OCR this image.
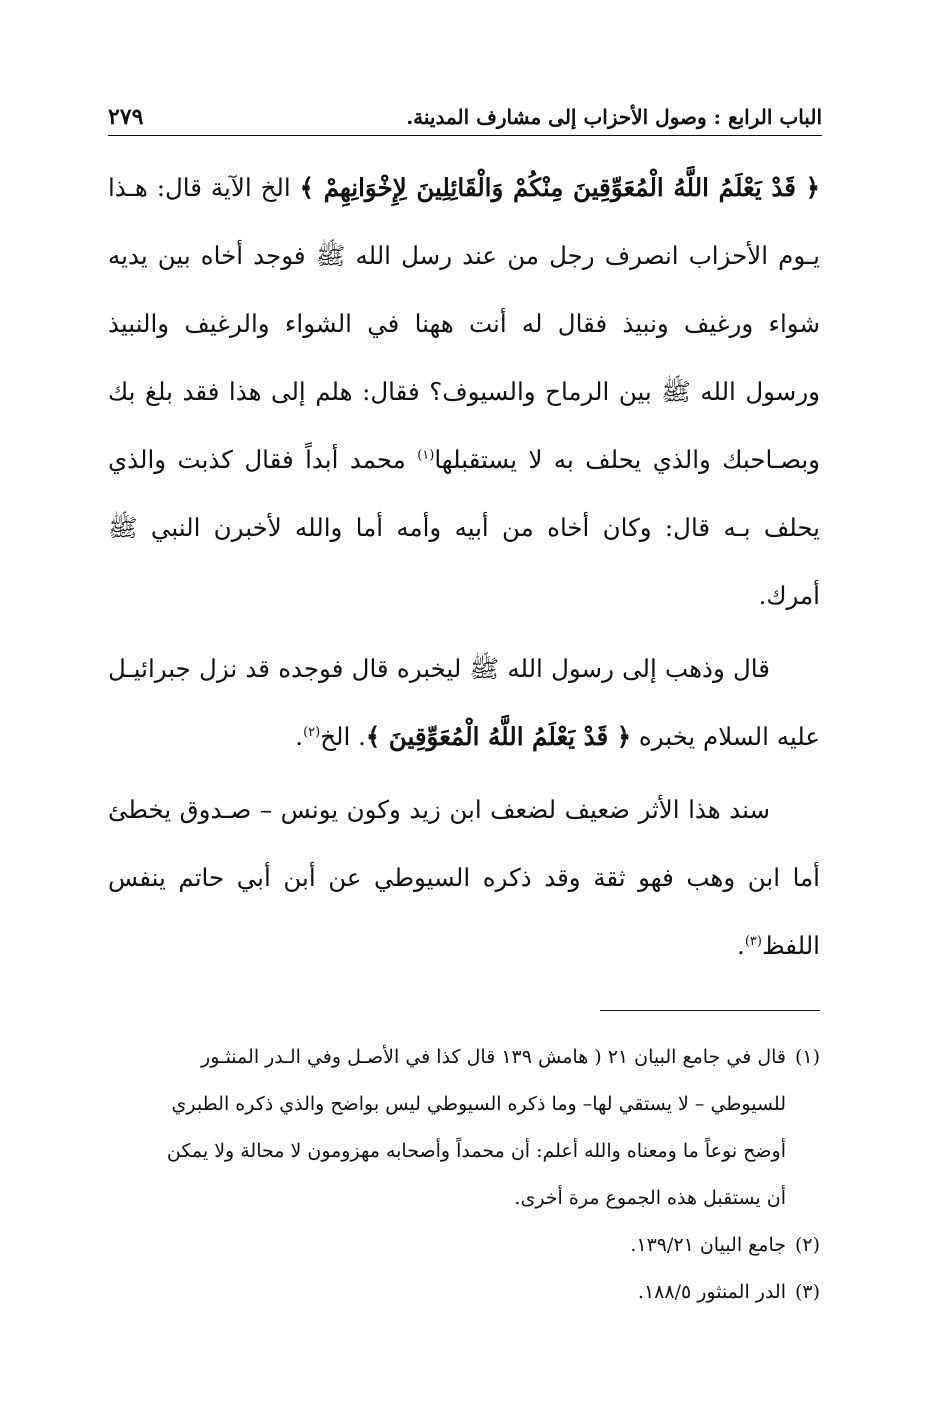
الباب الرابع : وصول الأحزاب إلى مشارف المدينة.
٢٧٩

﴿ قَدْ يَعْلَمُ اللَّهُ الْمُعَوِّقِينَ مِنْكُمْ وَالْقَائِلِينَ لِإِخْوَانِهِمْ ﴾ الخ الآية قال: هـذا يـوم الأحزاب انصرف رجل من عند رسل الله ﷺ فوجد أخاه بين يديه شواء ورغيف ونبيذ فقال له أنت ههنا في الشواء والرغيف والنبيذ ورسول الله ﷺ بين الرماح والسيوف؟ فقال: هلم إلى هذا فقد بلغ بك وبصـاحبك والذي يحلف به لا يستقبلها$^{(١)}$ محمد أبداً فقال كذبت والذي يحلف بـه قال: وكان أخاه من أبيه وأمه أما والله لأخبرن النبي ﷺ أمرك.

قال وذهب إلى رسول الله ﷺ ليخبره قال فوجده قد نزل جبرائيـل عليه السلام يخبره ﴿ قَدْ يَعْلَمُ اللَّهُ الْمُعَوِّقِينَ ﴾. الخ$^{(٢)}$.

سند هذا الأثر ضعيف لضعف ابن زيد وكون يونس – صـدوق يخطئ أما ابن وهب فهو ثقة وقد ذكره السيوطي عن أبن أبي حاتم ينفس اللفظ$^{(٣)}$.

(١)قال في جامع البيان ٢١ ( هامش ١٣٩ قال كذا في الأصـل وفي الـدر المنثـور
للسيوطي – لا يستقي لها– وما ذكره السيوطي ليس بواضح والذي ذكره الطبري
أوضح نوعاً ما ومعناه والله أعلم: أن محمداً وأصحابه مهزومون لا محالة ولا يمكن
أن يستقبل هذه الجموع مرة أخرى.
(٢)جامع البيان ١٣٩/٢١.
(٣)الدر المنثور ١٨٨/٥.
